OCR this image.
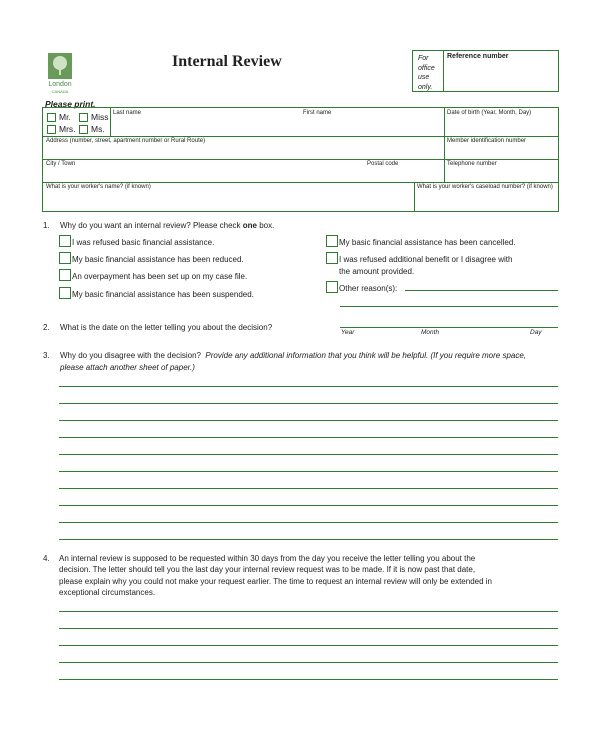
London
CANADA
Internal Review	For office use only.
Reference number
Please print.
Mr.	Miss
Mrs.	Ms.
Last name	First name	Date of birth (Year, Month, Day)
Address (number, street, apartment number or Rural Route)	Member identification number
City / Town	Postal code	Telephone number
What is your worker's name? (if known)	What is your worker's caseload number? (if known)
1. Why do you want an internal review? Please check one box.
I was refused basic financial assistance.
My basic financial assistance has been reduced.
An overpayment has been set up on my case file.
My basic financial assistance has been suspended.
My basic financial assistance has been cancelled.
I was refused additional benefit or I disagree with
the amount provided.
Other reason(s):
2. What is the date on the letter telling you about the decision?
Year	Month	Day
3. Why do you disagree with the decision? Provide any additional information that you think will be helpful. (If you require more space,
please attach another sheet of paper.)
4. An internal review is supposed to be requested within 30 days from the day you receive the letter telling you about the
decision. The letter should tell you the last day your internal review request was to be made. If it is now past that date,
please explain why you could not make your request earlier. The time to request an internal review will only be extended in
exceptional circumstances.
